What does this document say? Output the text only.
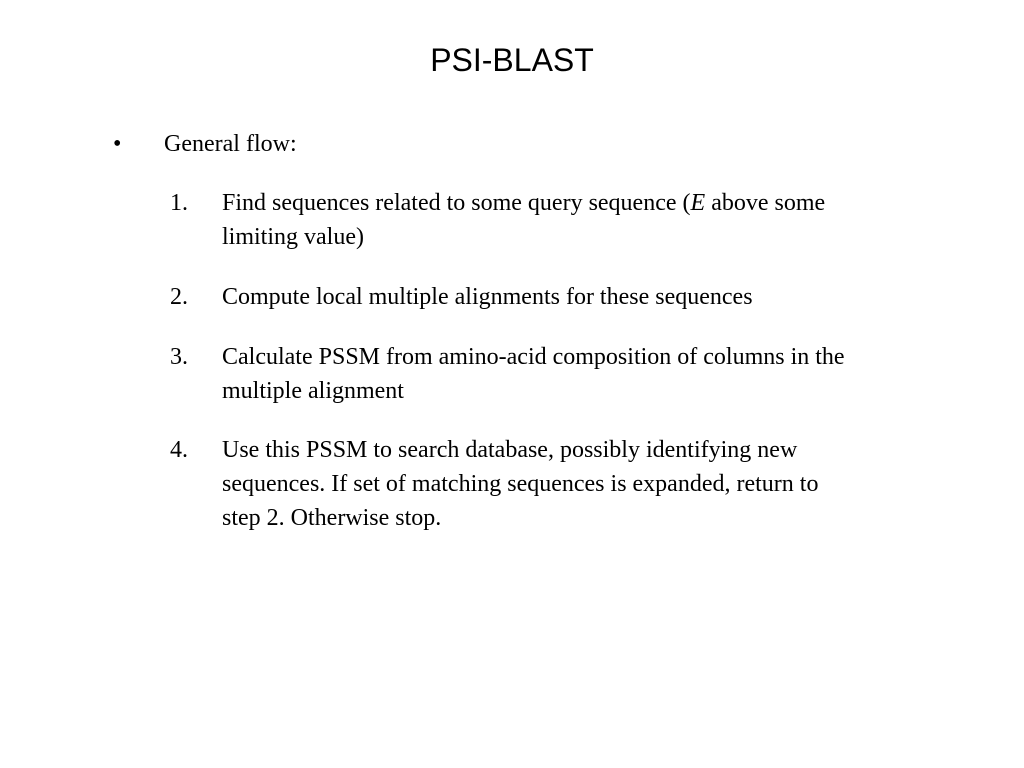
PSI-BLAST
• General flow:
1. Find sequences related to some query sequence (E above some
limiting value)
2. Compute local multiple alignments for these sequences
3. Calculate PSSM from amino-acid composition of columns in the
multiple alignment
4. Use this PSSM to search database, possibly identifying new
sequences. If set of matching sequences is expanded, return to
step 2. Otherwise stop.
